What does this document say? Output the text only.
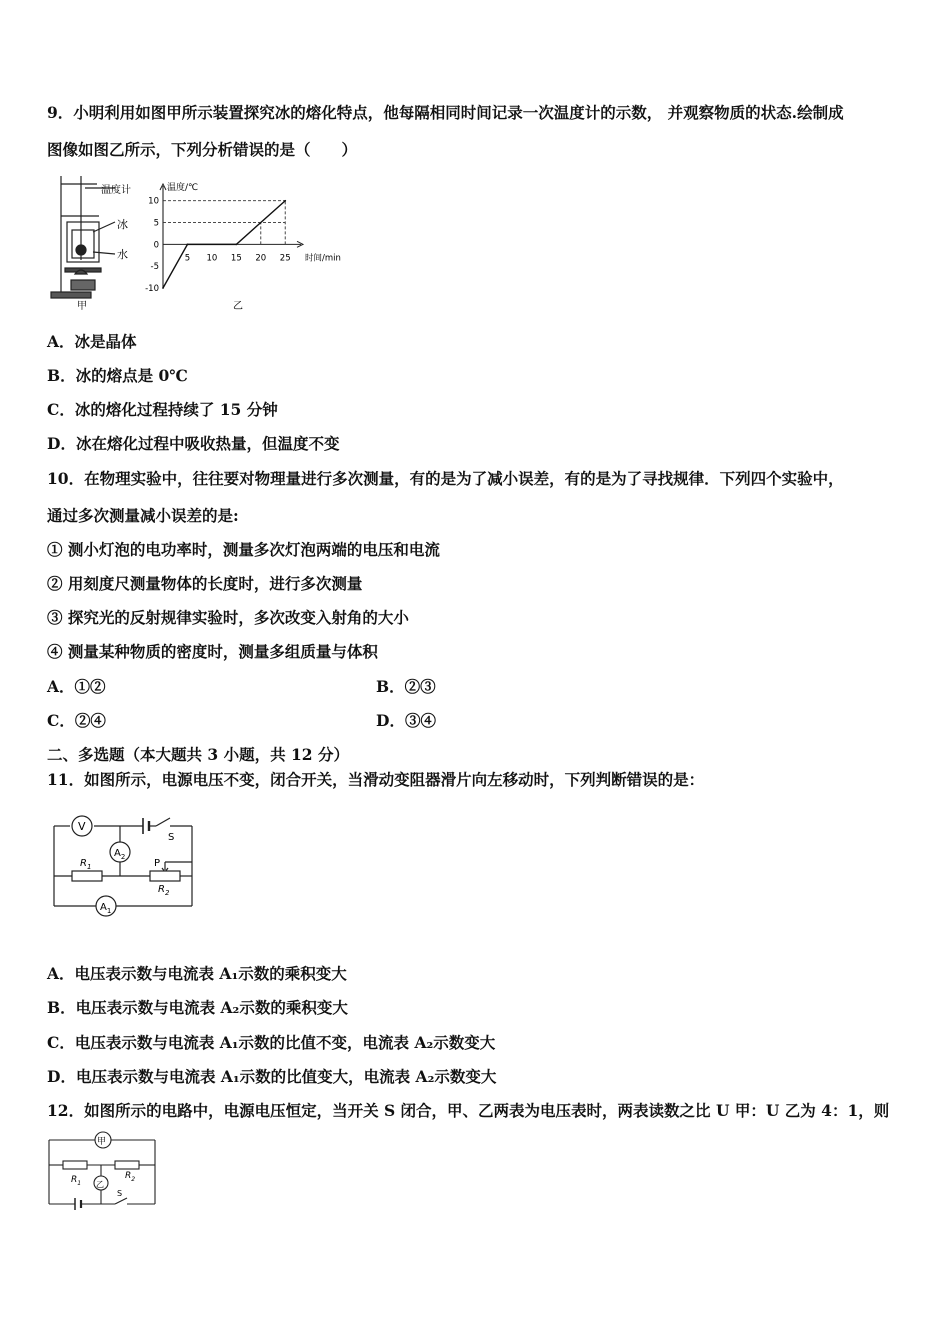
9．小明利用如图甲所示装置探究冰的熔化特点，他每隔相同时间记录一次温度计的示数， 并观察物质的状态.绘制成
图像如图乙所示，下列分析错误的是（　　）
温度计
冰
水
甲
温度/℃
时间/min
10
5
0
-5
-10
5 10 15 20 25
乙
A．冰是晶体
B．冰的熔点是 0℃
C．冰的熔化过程持续了 15 分钟
D．冰在熔化过程中吸收热量，但温度不变
10．在物理实验中，往往要对物理量进行多次测量，有的是为了减小误差，有的是为了寻找规律．下列四个实验中，
通过多次测量减小误差的是:
① 测小灯泡的电功率时，测量多次灯泡两端的电压和电流
② 用刻度尺测量物体的长度时，进行多次测量
③ 探究光的反射规律实验时，多次改变入射角的大小
④ 测量某种物质的密度时，测量多组质量与体积
A．①②	B．②③
C．②④	D．③④
二、多选题（本大题共 3 小题，共 12 分）
11．如图所示，电源电压不变，闭合开关，当滑动变阻器滑片向左移动时，下列判断错误的是：
V
S
$A_2$
$R_1$	P
$R_2$
$A_1$
A．电压表示数与电流表 A₁示数的乘积变大
B．电压表示数与电流表 A₂示数的乘积变大
C．电压表示数与电流表 A₁示数的比值不变，电流表 A₂示数变大
D．电压表示数与电流表 A₁示数的比值变大，电流表 A₂示数变大
12．如图所示的电路中，电源电压恒定，当开关 S 闭合，甲、乙两表为电压表时，两表读数之比 U 甲：U 乙为 4：1，则
甲
$R_1$
$R_2$
乙
S
